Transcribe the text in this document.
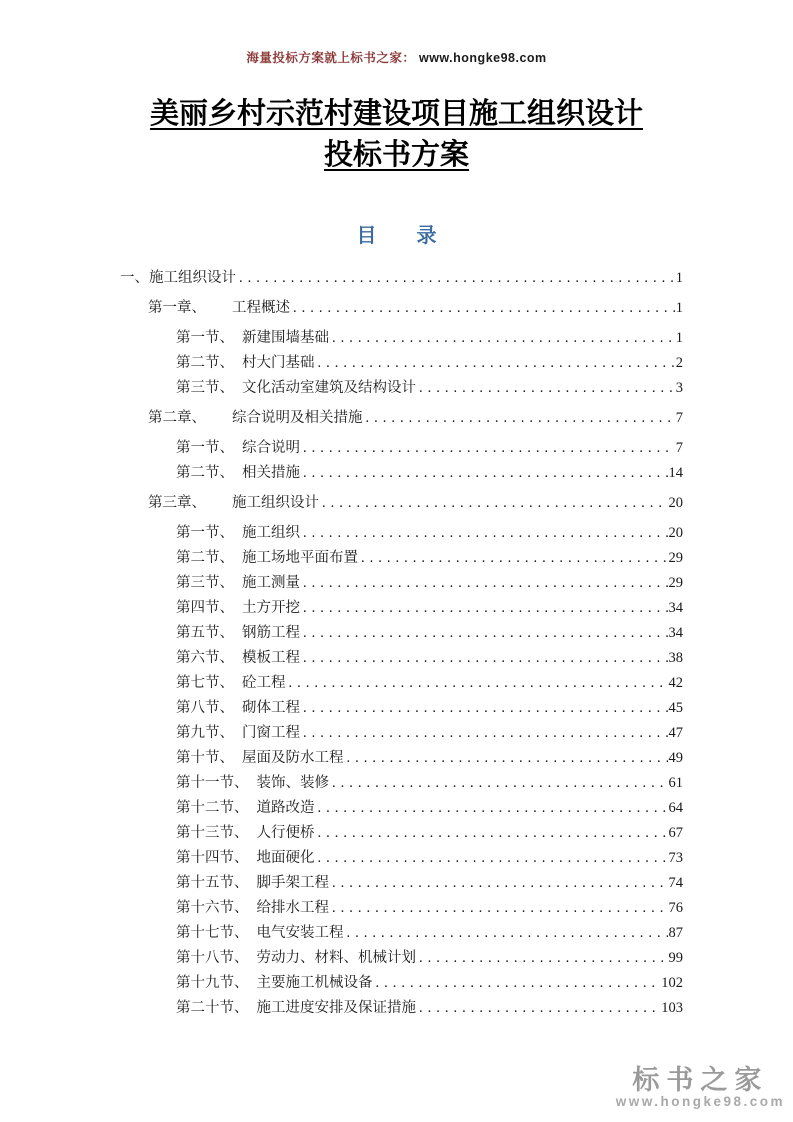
海量投标方案就上标书之家： www.hongke98.com
美丽乡村示范村建设项目施工组织设计
投标书方案
目　　录
一、 施工组织设计 .....	1
第一章、 工程概述 .....	1
第一节、 新建围墙基础 .....	1
第二节、 村大门基础 .....	2
第三节、 文化活动室建筑及结构设计 .....	3
第二章、 综合说明及相关措施 .....	7
第一节、 综合说明 .....	7
第二节、 相关措施 .....	14
第三章、 施工组织设计 .....	20
第一节、 施工组织 .....	20
第二节、 施工场地平面布置 .....	29
第三节、 施工测量 .....	29
第四节、 土方开挖 .....	34
第五节、 钢筋工程 .....	34
第六节、 模板工程 .....	38
第七节、 砼工程 .....	42
第八节、 砌体工程 .....	45
第九节、 门窗工程 .....	47
第十节、 屋面及防水工程 .....	49
第十一节、 装饰、装修 .....	61
第十二节、 道路改造 .....	64
第十三节、 人行便桥 .....	67
第十四节、 地面硬化 .....	73
第十五节、 脚手架工程 .....	74
第十六节、 给排水工程 .....	76
第十七节、 电气安装工程 .....	87
第十八节、 劳动力、材料、机械计划 .....	99
第十九节、 主要施工机械设备 .....	102
第二十节、 施工进度安排及保证措施 .....	103
标书之家
www.hongke98.com
